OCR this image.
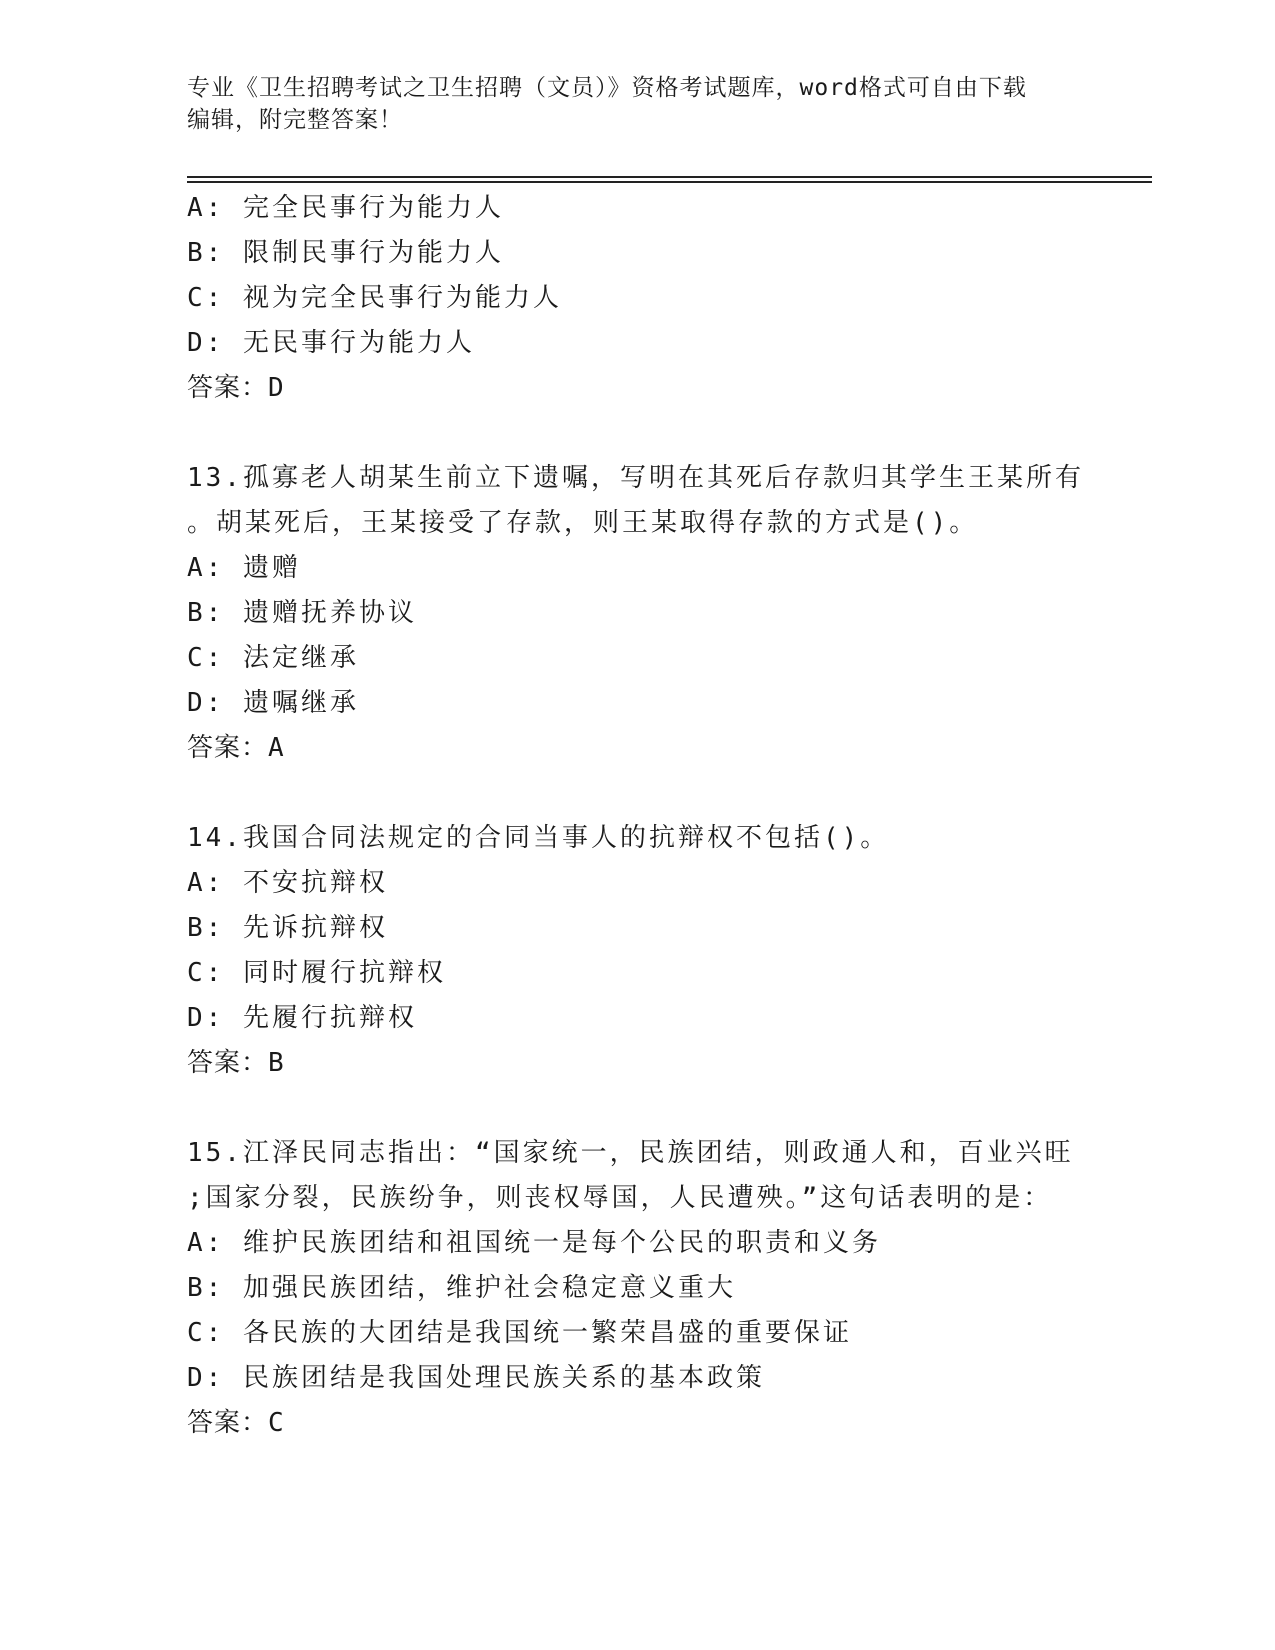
专业《卫生招聘考试之卫生招聘（文员）》资格考试题库，word格式可自由下载
编辑，附完整答案！
A: 完全民事行为能力人
B: 限制民事行为能力人
C: 视为完全民事行为能力人
D: 无民事行为能力人
答案：D
13.孤寡老人胡某生前立下遗嘱，写明在其死后存款归其学生王某所有
。胡某死后，王某接受了存款，则王某取得存款的方式是()。
A: 遗赠
B: 遗赠抚养协议
C: 法定继承
D: 遗嘱继承
答案：A
14.我国合同法规定的合同当事人的抗辩权不包括()。
A: 不安抗辩权
B: 先诉抗辩权
C: 同时履行抗辩权
D: 先履行抗辩权
答案：B
15.江泽民同志指出：“国家统一，民族团结，则政通人和，百业兴旺
;国家分裂，民族纷争，则丧权辱国，人民遭殃。”这句话表明的是：
A: 维护民族团结和祖国统一是每个公民的职责和义务
B: 加强民族团结，维护社会稳定意义重大
C: 各民族的大团结是我国统一繁荣昌盛的重要保证
D: 民族团结是我国处理民族关系的基本政策
答案：C
